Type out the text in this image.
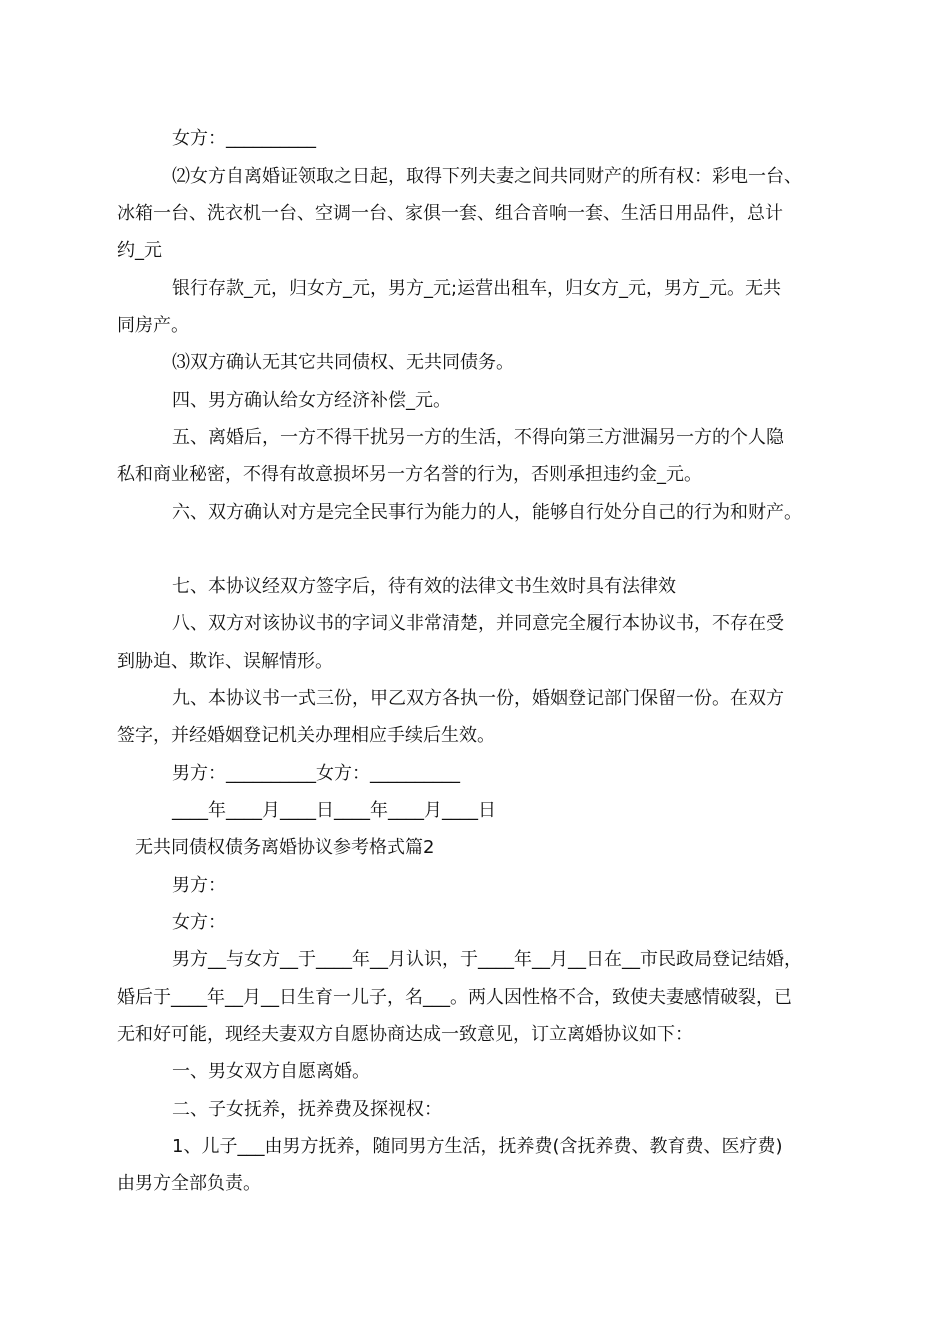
女方：__________
⑵女方自离婚证领取之日起，取得下列夫妻之间共同财产的所有权：彩电一台、
冰箱一台、洗衣机一台、空调一台、家俱一套、组合音响一套、生活日用品件，总计
约_元
银行存款_元，归女方_元，男方_元;运营出租车，归女方_元，男方_元。无共
同房产。
⑶双方确认无其它共同债权、无共同债务。
四、男方确认给女方经济补偿_元。
五、离婚后，一方不得干扰另一方的生活，不得向第三方泄漏另一方的个人隐
私和商业秘密，不得有故意损坏另一方名誉的行为，否则承担违约金_元。
六、双方确认对方是完全民事行为能力的人，能够自行处分自己的行为和财产。
七、本协议经双方签字后，待有效的法律文书生效时具有法律效
八、双方对该协议书的字词义非常清楚，并同意完全履行本协议书，不存在受
到胁迫、欺诈、误解情形。
九、本协议书一式三份，甲乙双方各执一份，婚姻登记部门保留一份。在双方
签字，并经婚姻登记机关办理相应手续后生效。
男方：__________女方：__________
____年____月____日____年____月____日
无共同债权债务离婚协议参考格式篇2
男方：
女方：
男方__与女方__于____年__月认识，于____年__月__日在__市民政局登记结婚，
婚后于____年__月__日生育一儿子，名___。两人因性格不合，致使夫妻感情破裂，已
无和好可能，现经夫妻双方自愿协商达成一致意见，订立离婚协议如下：
一、男女双方自愿离婚。
二、子女抚养，抚养费及探视权：
1、儿子___由男方抚养，随同男方生活，抚养费(含抚养费、教育费、医疗费)
由男方全部负责。
